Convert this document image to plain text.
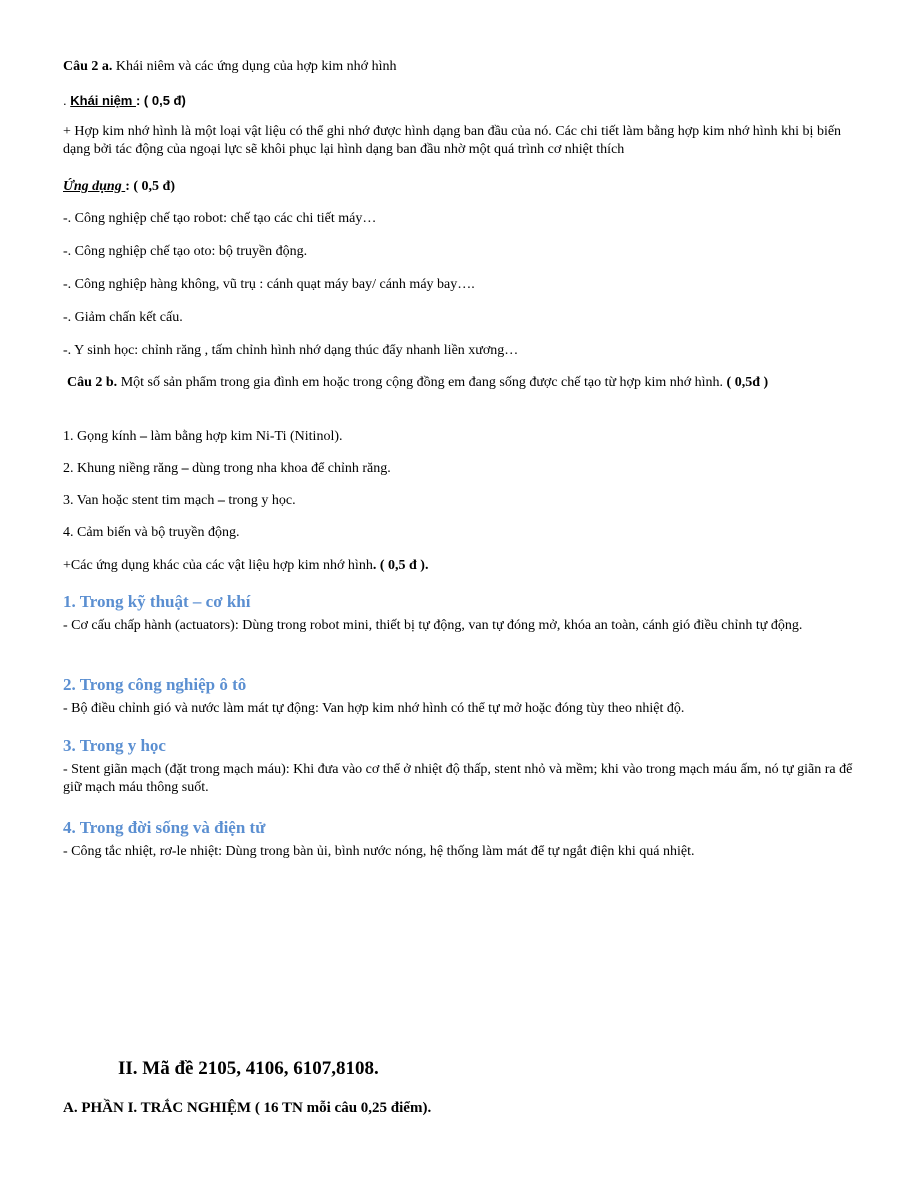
Câu 2 a. Khái niêm và các ứng dụng của hợp kim nhớ hình
. Khái niệm : ( 0,5 đ)
+ Hợp kim nhớ hình là một loại vật liệu có thể ghi nhớ được hình dạng ban đầu của nó. Các chi tiết làm bằng hợp kim nhớ hình khi bị biến dạng bởi tác động của ngoại lực sẽ khôi phục lại hình dạng ban đầu nhờ một quá trình cơ nhiệt thích
Ứng dụng : ( 0,5 đ)
-. Công nghiệp chế tạo robot: chế tạo các chi tiết máy…
-. Công nghiệp chế tạo oto: bộ truyền động.
-. Công nghiệp hàng không, vũ trụ : cánh quạt máy bay/ cánh máy bay….
-. Giảm chấn kết cấu.
-. Y sinh học: chỉnh răng , tấm chỉnh hình nhớ dạng thúc đẩy nhanh liền xương…
Câu 2 b. Một số sản phẩm trong gia đình em hoặc trong cộng đồng em đang sống được chế tạo từ hợp kim nhớ hình. ( 0,5đ )
1. Gọng kính – làm bằng hợp kim Ni-Ti (Nitinol).
2. Khung niềng răng – dùng trong nha khoa để chỉnh răng.
3. Van hoặc stent tim mạch – trong y học.
4. Cảm biến và bộ truyền động.
+Các ứng dụng khác của các vật liệu hợp kim nhớ hình. ( 0,5 đ ).
1. Trong kỹ thuật – cơ khí
- Cơ cấu chấp hành (actuators): Dùng trong robot mini, thiết bị tự động, van tự đóng mở, khóa an toàn, cánh gió điều chỉnh tự động.
2. Trong công nghiệp ô tô
- Bộ điều chỉnh gió và nước làm mát tự động: Van hợp kim nhớ hình có thể tự mở hoặc đóng tùy theo nhiệt độ.
3. Trong y học
- Stent giãn mạch (đặt trong mạch máu): Khi đưa vào cơ thể ở nhiệt độ thấp, stent nhỏ và mềm; khi vào trong mạch máu ấm, nó tự giãn ra để giữ mạch máu thông suốt.
4. Trong đời sống và điện tử
- Công tắc nhiệt, rơ-le nhiệt: Dùng trong bàn ủi, bình nước nóng, hệ thống làm mát để tự ngắt điện khi quá nhiệt.
II. Mã đề 2105, 4106, 6107,8108.
A. PHẦN I. TRẮC NGHIỆM ( 16 TN mỗi câu 0,25 điểm).
